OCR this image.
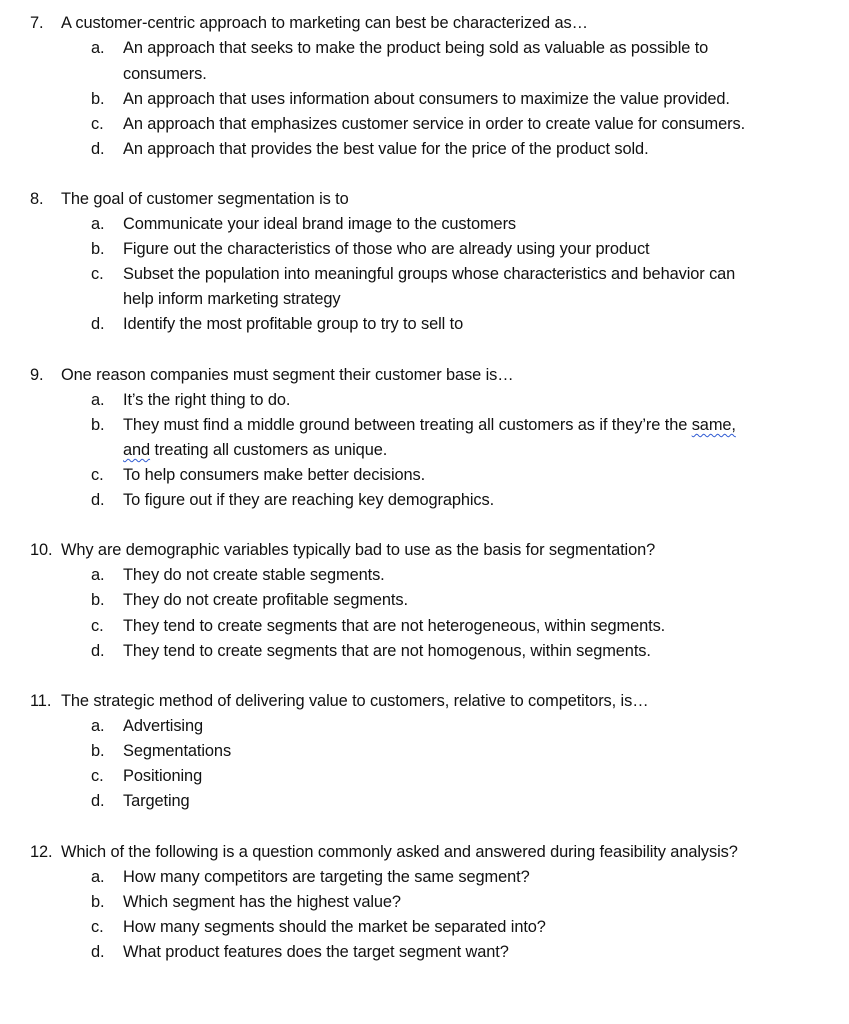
7. A customer-centric approach to marketing can best be characterized as…
a. An approach that seeks to make the product being sold as valuable as possible to
consumers.
b. An approach that uses information about consumers to maximize the value provided.
c. An approach that emphasizes customer service in order to create value for consumers.
d. An approach that provides the best value for the price of the product sold.
8. The goal of customer segmentation is to
a. Communicate your ideal brand image to the customers
b. Figure out the characteristics of those who are already using your product
c. Subset the population into meaningful groups whose characteristics and behavior can
help inform marketing strategy
d. Identify the most profitable group to try to sell to
9. One reason companies must segment their customer base is…
a. It’s the right thing to do.
b. They must find a middle ground between treating all customers as if they’re the same,
and treating all customers as unique.
c. To help consumers make better decisions.
d. To figure out if they are reaching key demographics.
10. Why are demographic variables typically bad to use as the basis for segmentation?
a. They do not create stable segments.
b. They do not create profitable segments.
c. They tend to create segments that are not heterogeneous, within segments.
d. They tend to create segments that are not homogenous, within segments.
11. The strategic method of delivering value to customers, relative to competitors, is…
a. Advertising
b. Segmentations
c. Positioning
d. Targeting
12. Which of the following is a question commonly asked and answered during feasibility analysis?
a. How many competitors are targeting the same segment?
b. Which segment has the highest value?
c. How many segments should the market be separated into?
d. What product features does the target segment want?
